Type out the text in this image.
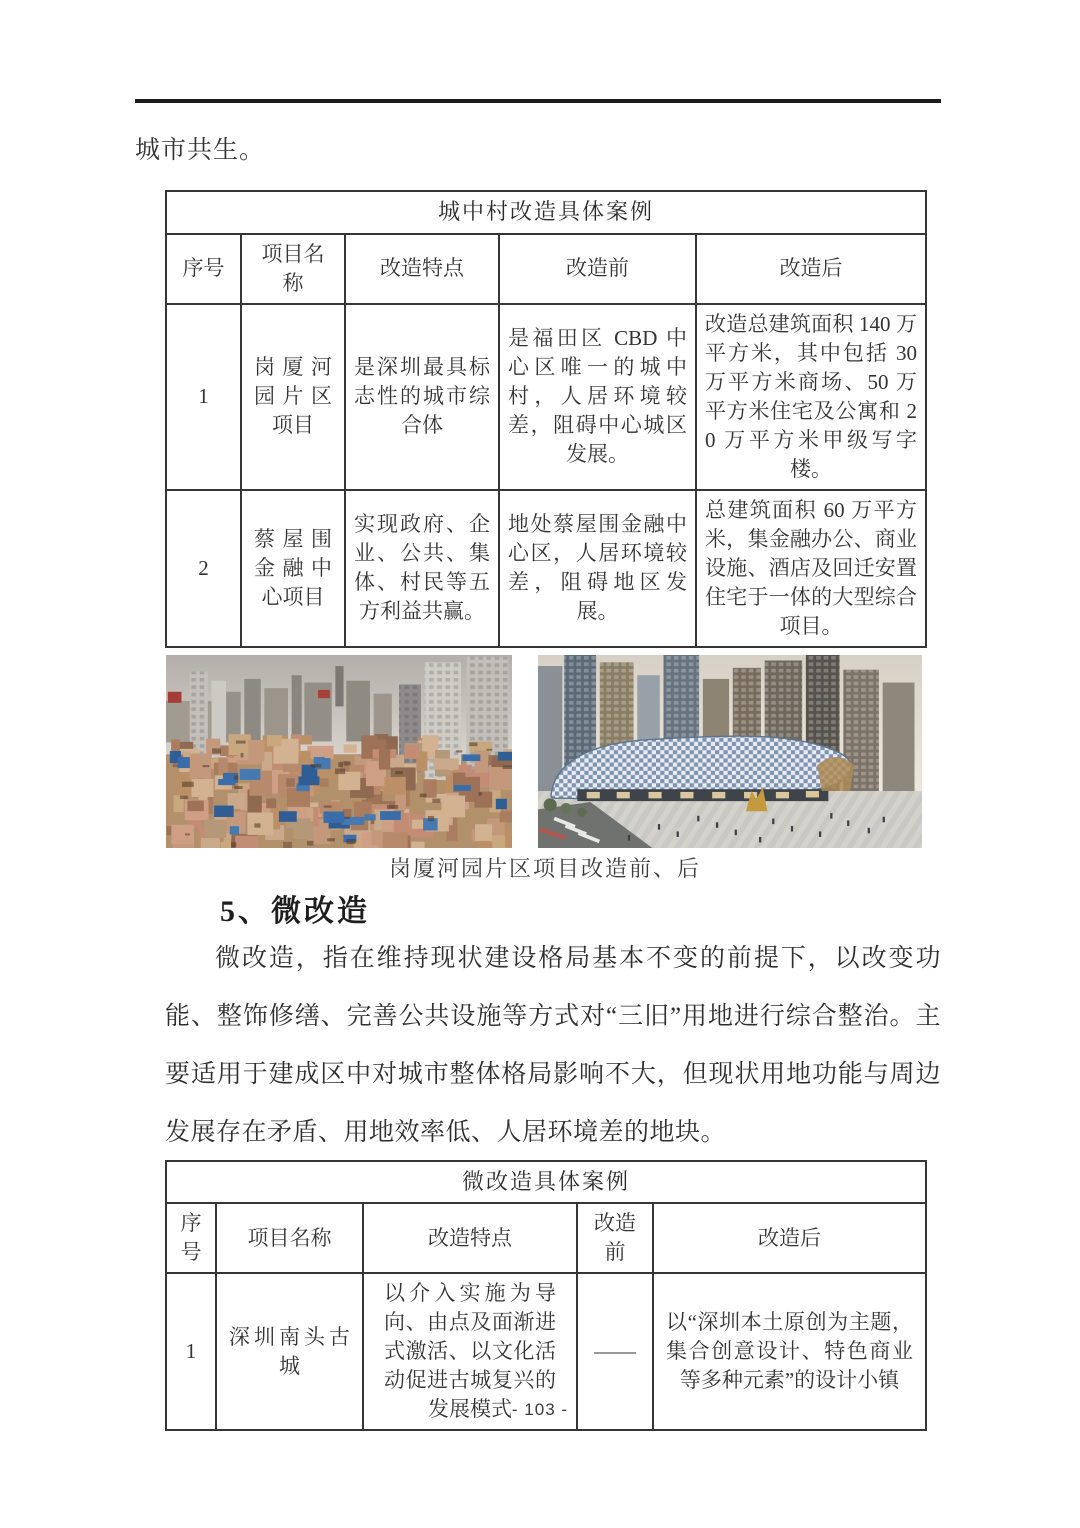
城市共生。
城中村改造具体案例				
序号	项目名称	改造特点	改造前	改造后
1	岗厦河园片区项目	是深圳最具标志性的城市综合体	是福田区 CBD 中心区唯一的城中村，人居环境较差，阻碍中心城区发展。	改造总建筑面积 140 万平方米，其中包括 30 万平方米商场、50 万平方米住宅及公寓和 20 万平方米甲级写字楼。
2	蔡屋围金融中心项目	实现政府、企业、公共、集体、村民等五方利益共赢。	地处蔡屋围金融中心区，人居环境较差，阻碍地区发展。	总建筑面积 60 万平方米，集金融办公、商业设施、酒店及回迁安置住宅于一体的大型综合项目。
岗厦河园片区项目改造前、后
5、微改造

微改造，指在维持现状建设格局基本不变的前提下，以改变功能、整饰修缮、完善公共设施等方式对“三旧”用地进行综合整治。主要适用于建成区中对城市整体格局影响不大，但现状用地功能与周边发展存在矛盾、用地效率低、人居环境差的地块。

微改造具体案例				
序号	项目名称	改造特点	改造前	改造后
1	深圳南头古城	以介入实施为导向、由点及面渐进式激活、以文化活动促进古城复兴的发展模式	——	以“深圳本土原创为主题，集合创意设计、特色商业等多种元素”的设计小镇
- 103 -
